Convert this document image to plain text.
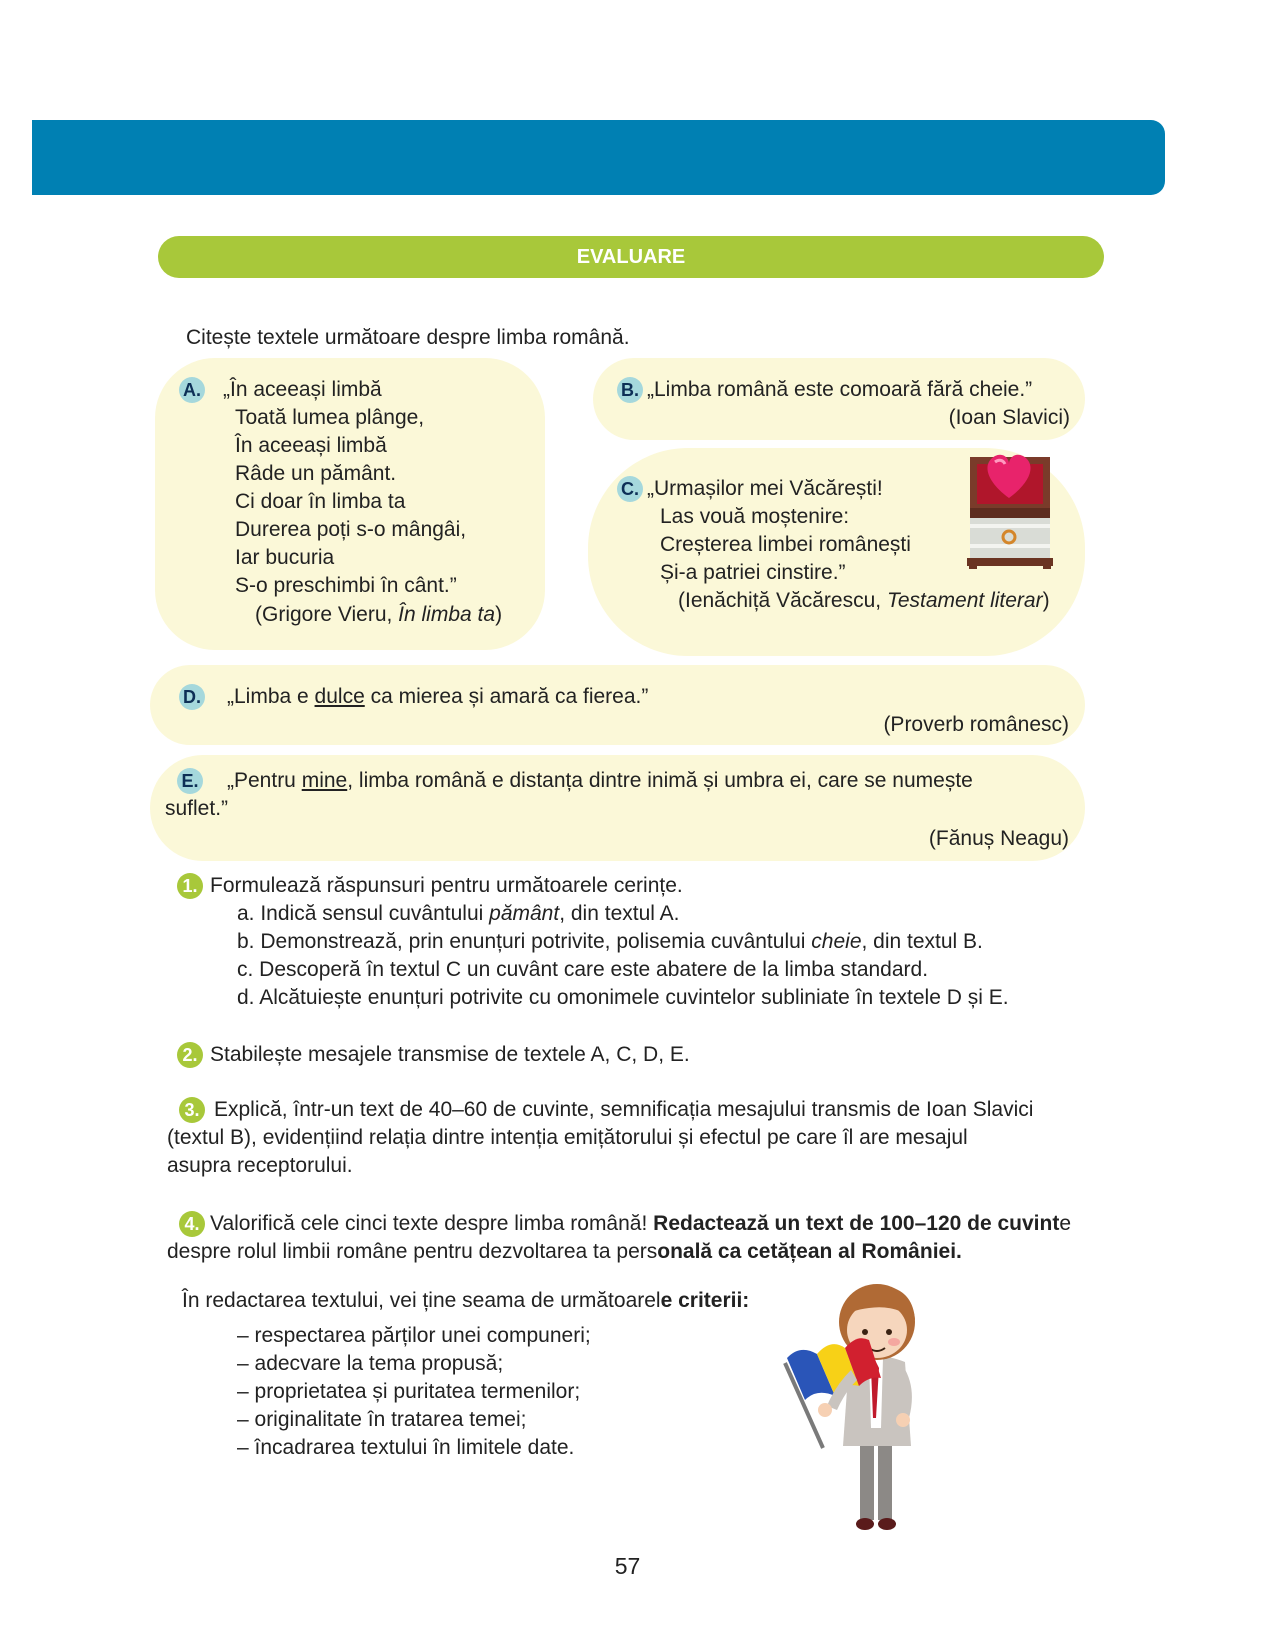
EVALUARE
Citește textele următoare despre limba română.
A. „În aceeași limbă
Toată lumea plânge,
În aceeași limbă
Râde un pământ.
Ci doar în limba ta
Durerea poți s-o mângâi,
Iar bucuria
S-o preschimbi în cânt.”
(Grigore Vieru, În limba ta)
B. „Limba română este comoară fără cheie.”
(Ioan Slavici)
C. „Urmașilor mei Văcărești!
Las vouă moștenire:
Creșterea limbei românești
Și-a patriei cinstire.”
(Ienăchiță Văcărescu, Testament literar)
D. „Limba e dulce ca mierea și amară ca fierea.”
(Proverb românesc)
E. „Pentru mine, limba română e distanța dintre inimă și umbra ei, care se numește
suflet.”
(Fănuș Neagu)
1. Formulează răspunsuri pentru următoarele cerințe.
a. Indică sensul cuvântului pământ, din textul A.
b. Demonstrează, prin enunțuri potrivite, polisemia cuvântului cheie, din textul B.
c. Descoperă în textul C un cuvânt care este abatere de la limba standard.
d. Alcătuiește enunțuri potrivite cu omonimele cuvintelor subliniate în textele D și E.
2. Stabilește mesajele transmise de textele A, C, D, E.
3. Explică, într-un text de 40–60 de cuvinte, semnificația mesajului transmis de Ioan Slavici
(textul B), evidențiind relația dintre intenția emițătorului și efectul pe care îl are mesajul
asupra receptorului.
4. Valorifică cele cinci texte despre limba română! Redactează un text de 100–120 de cuvinte
despre rolul limbii române pentru dezvoltarea ta personală ca cetățean al României.
În redactarea textului, vei ține seama de următoarele criterii:
– respectarea părților unei compuneri;
– adecvare la tema propusă;
– proprietatea și puritatea termenilor;
– originalitate în tratarea temei;
– încadrarea textului în limitele date.
57
